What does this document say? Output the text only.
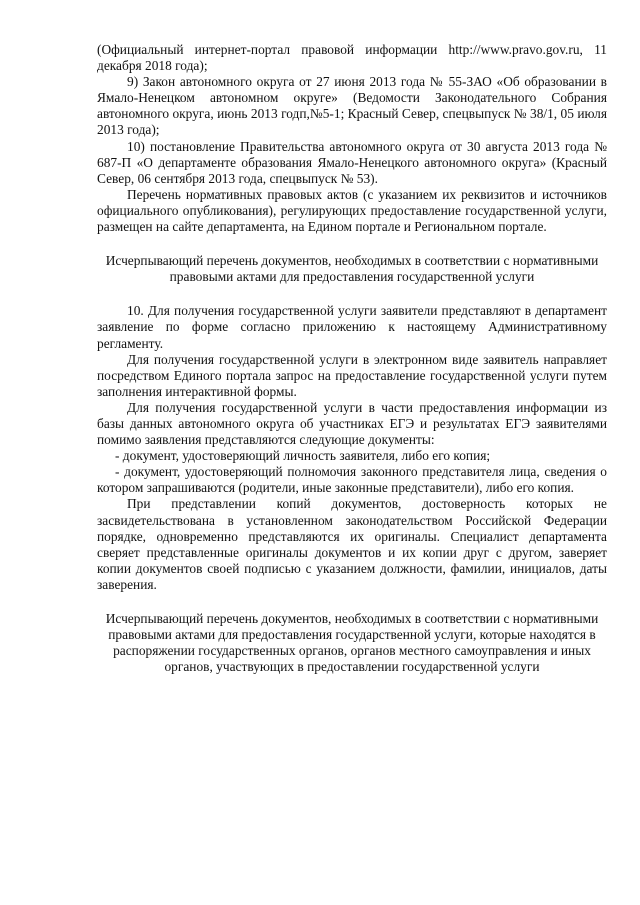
(Официальный интернет-портал правовой информации http://www.pravo.gov.ru, 11 декабря 2018 года);

9) Закон автономного округа от 27 июня 2013 года № 55-ЗАО «Об образовании в Ямало-Ненецком автономном округе» (Ведомости Законодательного Собрания автономного округа, июнь 2013 годп,№5-1; Красный Север, спецвыпуск № 38/1, 05 июля 2013 года);

10) постановление Правительства автономного округа от 30 августа 2013 года № 687-П «О департаменте образования Ямало-Ненецкого автономного округа» (Красный Север, 06 сентября 2013 года, спецвыпуск № 53).

Перечень нормативных правовых актов (с указанием их реквизитов и источников официального опубликования), регулирующих предоставление государственной услуги, размещен на сайте департамента, на Едином портале и Региональном портале.

Исчерпывающий перечень документов, необходимых в соответствии с нормативными правовыми актами для предоставления государственной услуги

10. Для получения государственной услуги заявители представляют в департамент заявление по форме согласно приложению к настоящему Административному регламенту.

Для получения государственной услуги в электронном виде заявитель направляет посредством Единого портала запрос на предоставление государственной услуги путем заполнения интерактивной формы.

Для получения государственной услуги в части предоставления информации из базы данных автономного округа об участниках ЕГЭ и результатах ЕГЭ заявителями помимо заявления представляются следующие документы:

- документ, удостоверяющий личность заявителя, либо его копия;

- документ, удостоверяющий полномочия законного представителя лица, сведения о котором запрашиваются (родители, иные законные представители), либо его копия.

При представлении копий документов, достоверность которых не засвидетельствована в установленном законодательством Российской Федерации порядке, одновременно представляются их оригиналы. Специалист департамента сверяет представленные оригиналы документов и их копии друг с другом, заверяет копии документов своей подписью с указанием должности, фамилии, инициалов, даты заверения.

Исчерпывающий перечень документов, необходимых в соответствии с нормативными правовыми актами для предоставления государственной услуги, которые находятся в распоряжении государственных органов, органов местного самоуправления и иных органов, участвующих в предоставлении государственной услуги
